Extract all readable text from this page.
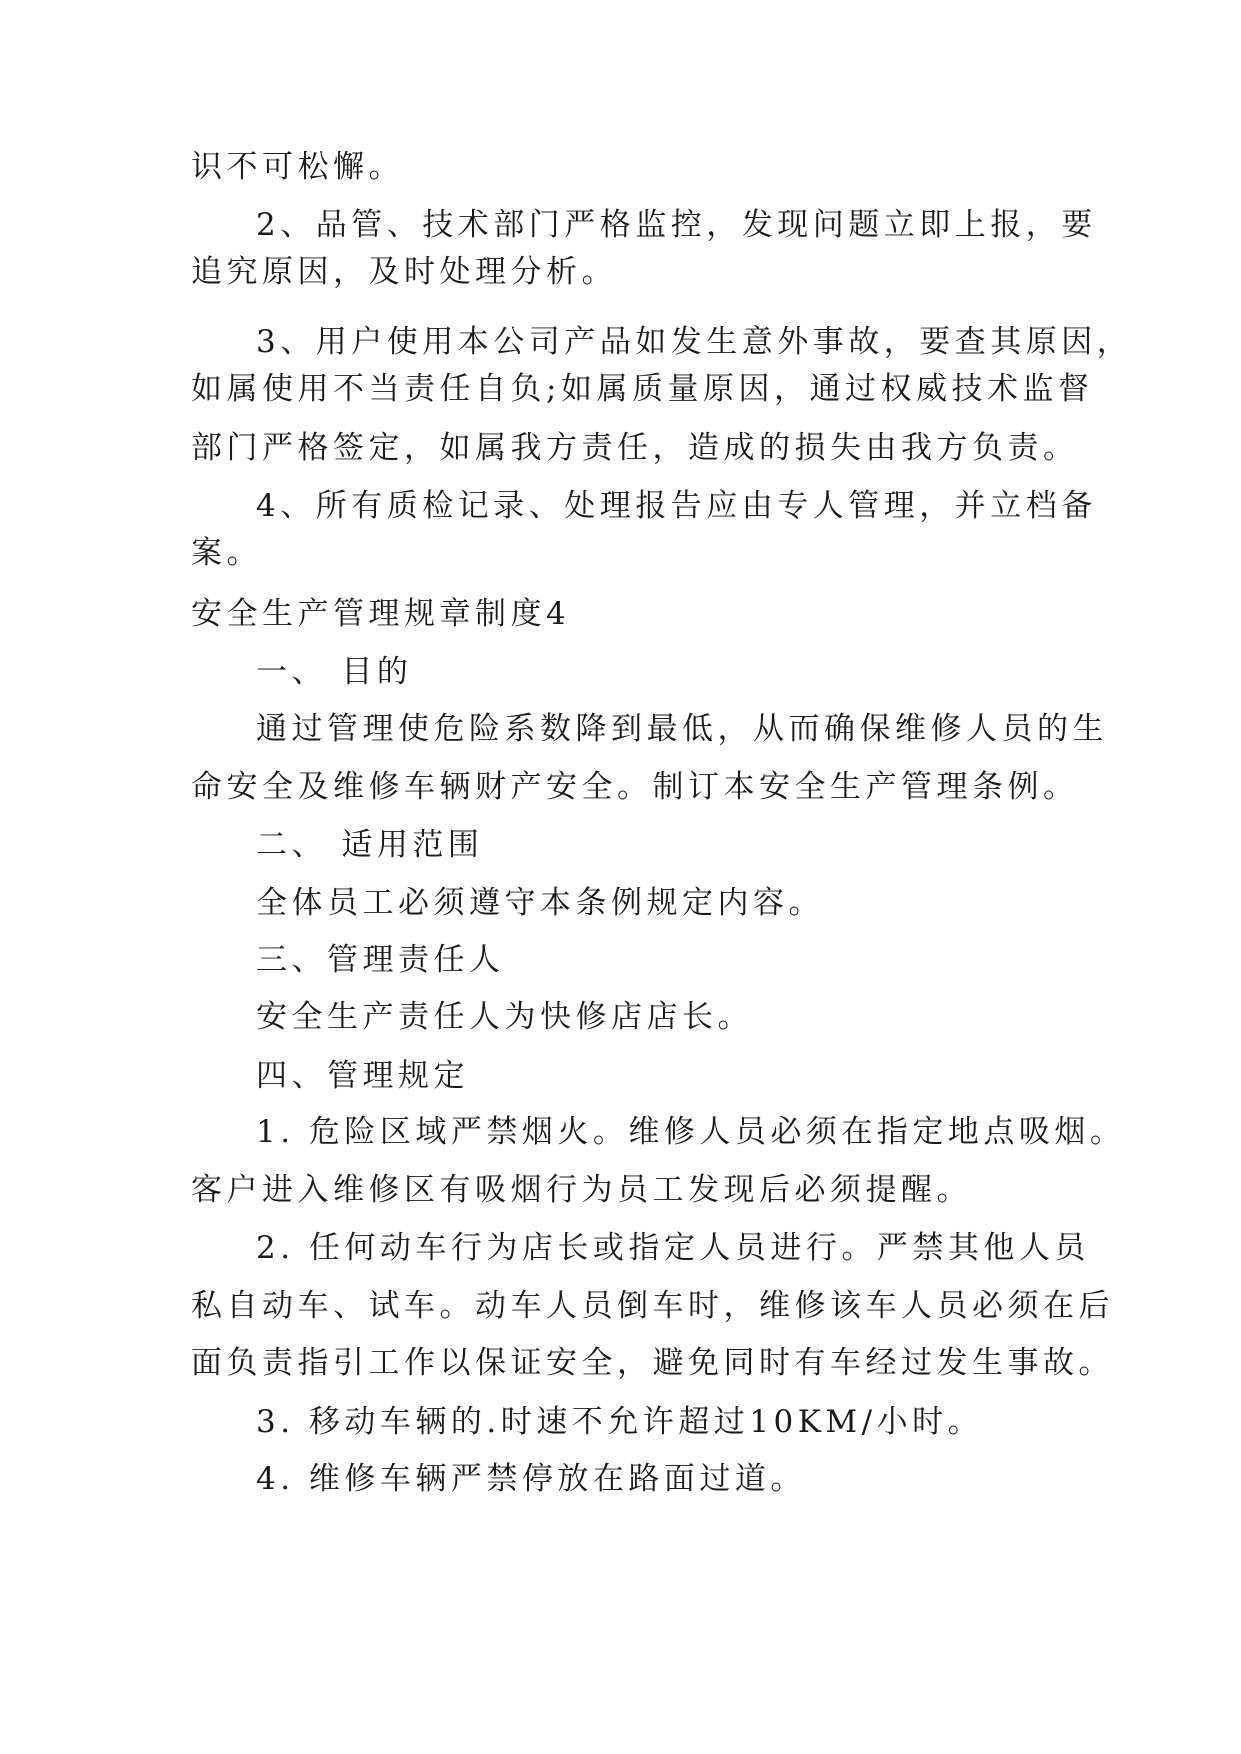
识不可松懈。
2、品管、技术部门严格监控，发现问题立即上报，要
追究原因，及时处理分析。
3、用户使用本公司产品如发生意外事故，要查其原因，
如属使用不当责任自负;如属质量原因，通过权威技术监督
部门严格签定，如属我方责任，造成的损失由我方负责。
4、所有质检记录、处理报告应由专人管理，并立档备
案。
安全生产管理规章制度4
一、 目的
通过管理使危险系数降到最低，从而确保维修人员的生
命安全及维修车辆财产安全。制订本安全生产管理条例。
二、 适用范围
全体员工必须遵守本条例规定内容。
三、管理责任人
安全生产责任人为快修店店长。
四、管理规定
1. 危险区域严禁烟火。维修人员必须在指定地点吸烟。
客户进入维修区有吸烟行为员工发现后必须提醒。
2. 任何动车行为店长或指定人员进行。严禁其他人员
私自动车、试车。动车人员倒车时，维修该车人员必须在后
面负责指引工作以保证安全，避免同时有车经过发生事故。
3. 移动车辆的.时速不允许超过10KM/小时。
4. 维修车辆严禁停放在路面过道。
